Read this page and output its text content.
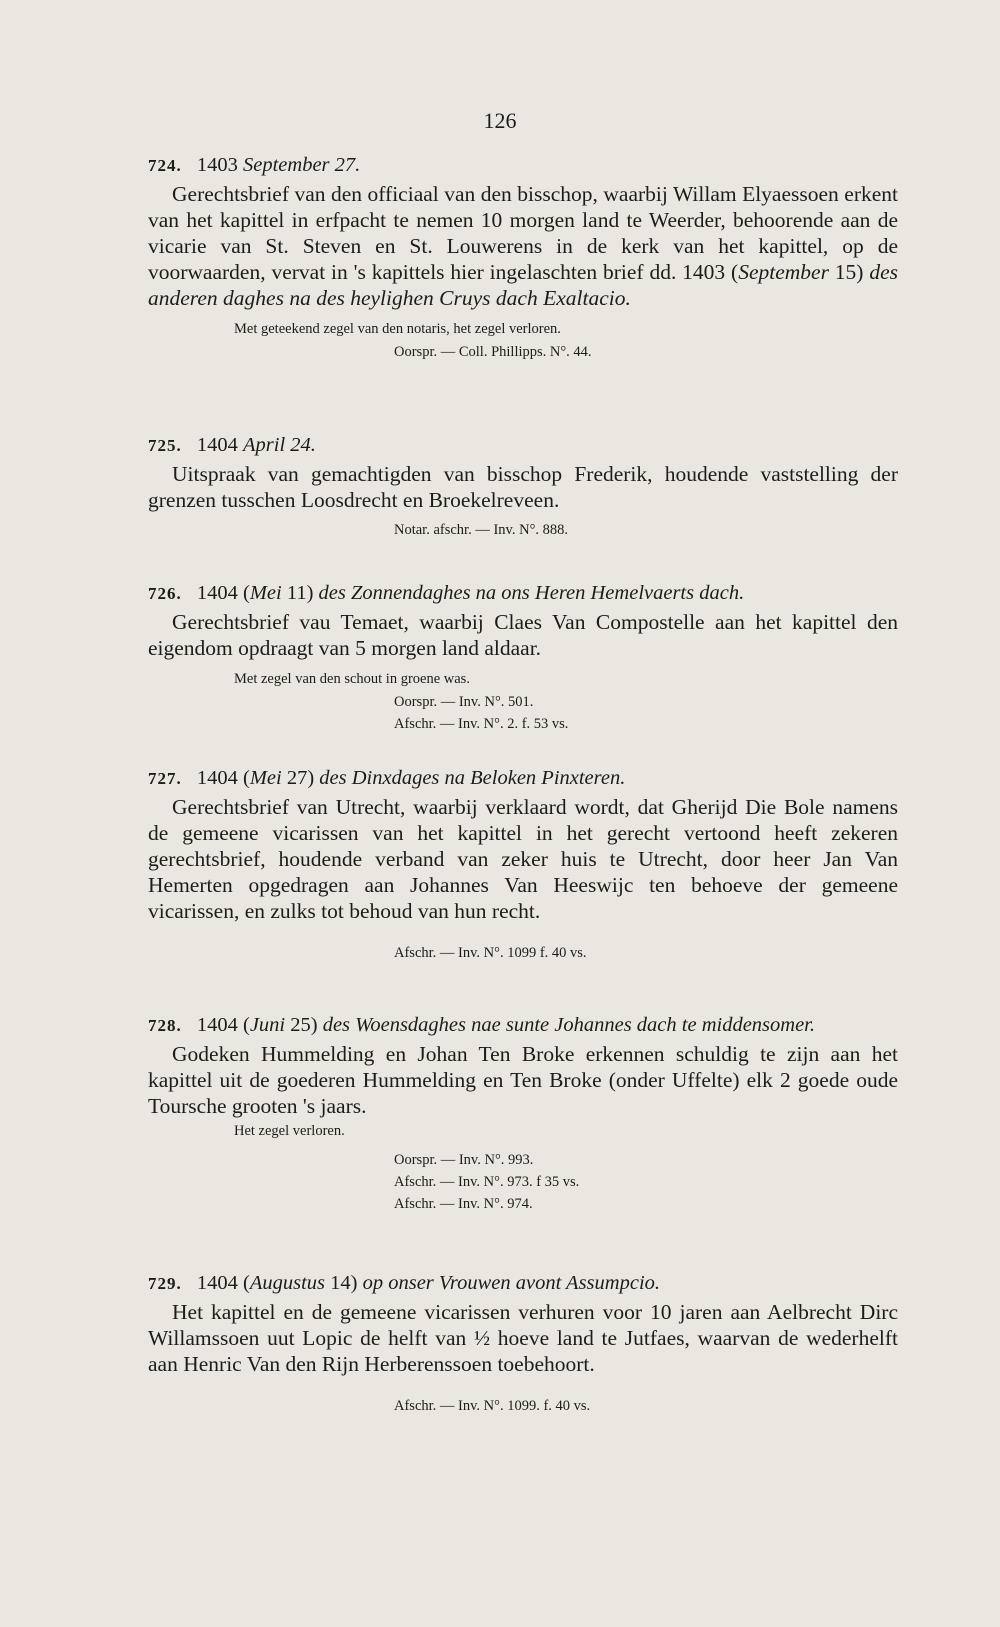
126

724. 1403 September 27.

Gerechtsbrief van den officiaal van den bisschop, waarbij Willam Elyaessoen erkent van het kapittel in erfpacht te nemen 10 morgen land te Weerder, behoorende aan de vicarie van St. Steven en St. Louwerens in de kerk van het kapittel, op de voorwaarden, vervat in 's kapittels hier ingelaschten brief dd. 1403 (September 15) des anderen daghes na des heylighen Cruys dach Exaltacio.

Met geteekend zegel van den notaris, het zegel verloren.

Oorspr. — Coll. Phillipps. N°. 44.

725. 1404 April 24.

Uitspraak van gemachtigden van bisschop Frederik, houdende vaststelling der grenzen tusschen Loosdrecht en Broekelreveen.

Notar. afschr. — Inv. N°. 888.

726. 1404 (Mei 11) des Zonnendaghes na ons Heren Hemelvaerts dach.

Gerechtsbrief vau Temaet, waarbij Claes Van Compostelle aan het kapittel den eigendom opdraagt van 5 morgen land aldaar.

Met zegel van den schout in groene was.

Oorspr. — Inv. N°. 501.
Afschr. — Inv. N°. 2. f. 53 vs.

727. 1404 (Mei 27) des Dinxdages na Beloken Pinxteren.

Gerechtsbrief van Utrecht, waarbij verklaard wordt, dat Gherijd Die Bole namens de gemeene vicarissen van het kapittel in het gerecht vertoond heeft zekeren gerechtsbrief, houdende verband van zeker huis te Utrecht, door heer Jan Van Hemerten opgedragen aan Johannes Van Heeswijc ten behoeve der gemeene vicarissen, en zulks tot behoud van hun recht.

Afschr. — Inv. N°. 1099 f. 40 vs.

728. 1404 (Juni 25) des Woensdaghes nae sunte Johannes dach te middensomer.

Godeken Hummelding en Johan Ten Broke erkennen schuldig te zijn aan het kapittel uit de goederen Hummelding en Ten Broke (onder Uffelte) elk 2 goede oude Toursche grooten 's jaars.

Het zegel verloren.

Oorspr. — Inv. N°. 993.
Afschr. — Inv. N°. 973. f 35 vs.
Afschr. — Inv. N°. 974.

729. 1404 (Augustus 14) op onser Vrouwen avont Assumpcio.

Het kapittel en de gemeene vicarissen verhuren voor 10 jaren aan Aelbrecht Dirc Willamssoen uut Lopic de helft van ½ hoeve land te Jutfaes, waarvan de wederhelft aan Henric Van den Rijn Herberenssoen toebehoort.

Afschr. — Inv. N°. 1099. f. 40 vs.
